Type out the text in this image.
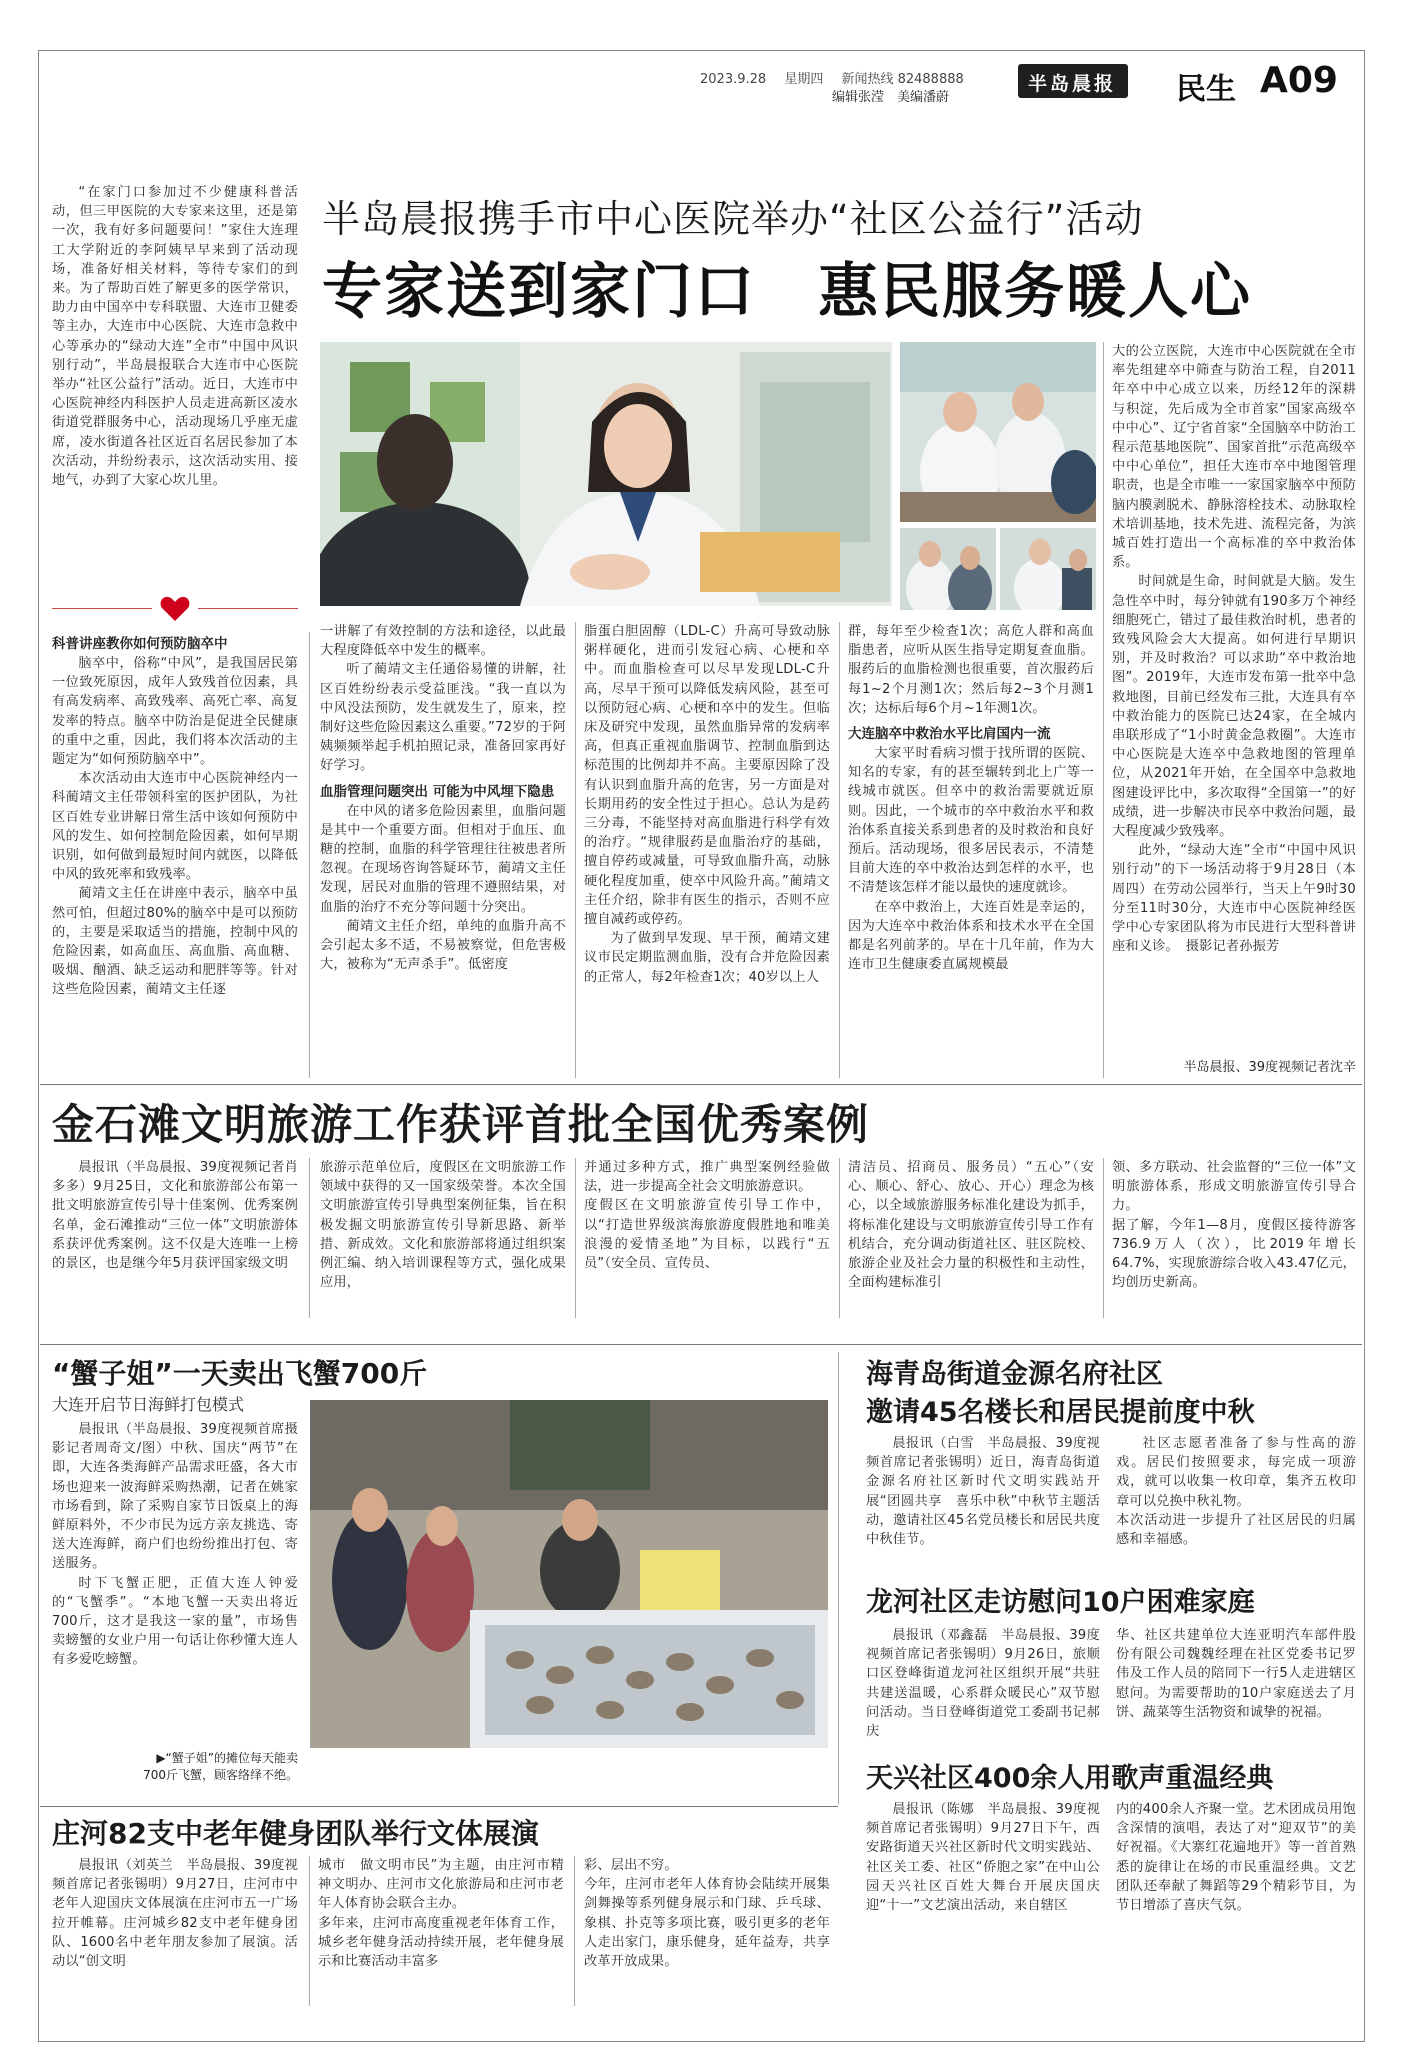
2023.9.28 星期四 新闻热线 82488888
编辑张滢　美编潘蔚
半岛晨报 民生 A09

“在家门口参加过不少健康科普活动，但三甲医院的大专家来这里，还是第一次，我有好多问题要问！”家住大连理工大学附近的李阿姨早早来到了活动现场，准备好相关材料，等待专家们的到来。为了帮助百姓了解更多的医学常识，助力由中国卒中专科联盟、大连市卫健委等主办，大连市中心医院、大连市急救中心等承办的“绿动大连”全市“中国中风识别行动”，半岛晨报联合大连市中心医院举办“社区公益行”活动。近日，大连市中心医院神经内科医护人员走进高新区凌水街道党群服务中心，活动现场几乎座无虚席，凌水街道各社区近百名居民参加了本次活动，并纷纷表示，这次活动实用、接地气，办到了大家心坎儿里。

半岛晨报携手市中心医院举办“社区公益行”活动
专家送到家门口　惠民服务暖人心
科普讲座教你如何预防脑卒中

脑卒中，俗称“中风”，是我国居民第一位致死原因，成年人致残首位因素，具有高发病率、高致残率、高死亡率、高复发率的特点。脑卒中防治是促进全民健康的重中之重，因此，我们将本次活动的主题定为“如何预防脑卒中”。

本次活动由大连市中心医院神经内一科蔺靖文主任带领科室的医护团队，为社区百姓专业讲解日常生活中该如何预防中风的发生、如何控制危险因素，如何早期识别，如何做到最短时间内就医，以降低中风的致死率和致残率。

蔺靖文主任在讲座中表示，脑卒中虽然可怕，但超过80%的脑卒中是可以预防的，主要是采取适当的措施，控制中风的危险因素，如高血压、高血脂、高血糖、吸烟、酗酒、缺乏运动和肥胖等等。针对这些危险因素，蔺靖文主任逐

一讲解了有效控制的方法和途径，以此最大程度降低卒中发生的概率。

听了蔺靖文主任通俗易懂的讲解，社区百姓纷纷表示受益匪浅。“我一直以为中风没法预防，发生就发生了，原来，控制好这些危险因素这么重要。”72岁的于阿姨频频举起手机拍照记录，准备回家再好好学习。

血脂管理问题突出 可能为中风埋下隐患

在中风的诸多危险因素里，血脂问题是其中一个重要方面。但相对于血压、血糖的控制，血脂的科学管理往往被患者所忽视。在现场咨询答疑环节，蔺靖文主任发现，居民对血脂的管理不遵照结果，对血脂的治疗不充分等问题十分突出。

蔺靖文主任介绍，单纯的血脂升高不会引起太多不适，不易被察觉，但危害极大，被称为“无声杀手”。低密度

脂蛋白胆固醇（LDL-C）升高可导致动脉粥样硬化，进而引发冠心病、心梗和卒中。而血脂检查可以尽早发现LDL-C升高，尽早干预可以降低发病风险，甚至可以预防冠心病、心梗和卒中的发生。但临床及研究中发现，虽然血脂异常的发病率高，但真正重视血脂调节、控制血脂到达标范围的比例却并不高。主要原因除了没有认识到血脂升高的危害，另一方面是对长期用药的安全性过于担心。总认为是药三分毒，不能坚持对高血脂进行科学有效的治疗。“规律服药是血脂治疗的基础，擅自停药或减量，可导致血脂升高，动脉硬化程度加重，使卒中风险升高。”蔺靖文主任介绍，除非有医生的指示，否则不应擅自减药或停药。

为了做到早发现、早干预，蔺靖文建议市民定期监测血脂，没有合并危险因素的正常人，每2年检查1次；40岁以上人

群，每年至少检查1次；高危人群和高血脂患者，应听从医生指导定期复查血脂。服药后的血脂检测也很重要，首次服药后每1~2个月测1次；然后每2~3个月测1次；达标后每6个月~1年测1次。

大连脑卒中救治水平比肩国内一流

大家平时看病习惯于找所谓的医院、知名的专家，有的甚至辗转到北上广等一线城市就医。但卒中的救治需要就近原则。因此，一个城市的卒中救治水平和救治体系直接关系到患者的及时救治和良好预后。活动现场，很多居民表示，不清楚目前大连的卒中救治达到怎样的水平，也不清楚该怎样才能以最快的速度就诊。

在卒中救治上，大连百姓是幸运的，因为大连卒中救治体系和技术水平在全国都是名列前茅的。早在十几年前，作为大连市卫生健康委直属规模最

大的公立医院，大连市中心医院就在全市率先组建卒中筛查与防治工程，自2011年卒中中心成立以来，历经12年的深耕与积淀，先后成为全市首家“国家高级卒中中心”、辽宁省首家“全国脑卒中防治工程示范基地医院”、国家首批“示范高级卒中中心单位”，担任大连市卒中地图管理职责，也是全市唯一一家国家脑卒中预防脑内膜剥脱术、静脉溶栓技术、动脉取栓术培训基地，技术先进、流程完备，为滨城百姓打造出一个高标准的卒中救治体系。

时间就是生命，时间就是大脑。发生急性卒中时，每分钟就有190多万个神经细胞死亡，错过了最佳救治时机，患者的致残风险会大大提高。如何进行早期识别，并及时救治？可以求助“卒中救治地图”。2019年，大连市发布第一批卒中急救地图，目前已经发布三批，大连具有卒中救治能力的医院已达24家，在全城内串联形成了“1小时黄金急救圈”。大连市中心医院是大连卒中急救地图的管理单位，从2021年开始，在全国卒中急救地图建设评比中，多次取得“全国第一”的好成绩，进一步解决市民卒中救治问题，最大程度减少致残率。

此外，“绿动大连”全市“中国中风识别行动”的下一场活动将于9月28日（本周四）在劳动公园举行，当天上午9时30分至11时30分，大连市中心医院神经医学中心专家团队将为市民进行大型科普讲座和义诊。　摄影记者孙振芳

半岛晨报、39度视频记者沈辛
金石滩文明旅游工作获评首批全国优秀案例

晨报讯（半岛晨报、39度视频记者肖多多）9月25日，文化和旅游部公布第一批文明旅游宣传引导十佳案例、优秀案例名单，金石滩推动“三位一体”文明旅游体系获评优秀案例。这不仅是大连唯一上榜的景区，也是继今年5月获评国家级文明

旅游示范单位后，度假区在文明旅游工作领域中获得的又一国家级荣誉。本次全国文明旅游宣传引导典型案例征集，旨在积极发掘文明旅游宣传引导新思路、新举措、新成效。文化和旅游部将通过组织案例汇编、纳入培训课程等方式，强化成果应用，

并通过多种方式，推广典型案例经验做法，进一步提高全社会文明旅游意识。
度假区在文明旅游宣传引导工作中，以“打造世界级滨海旅游度假胜地和唯美浪漫的爱情圣地”为目标，以践行“五员”（安全员、宣传员、

清洁员、招商员、服务员）“五心”（安心、顺心、舒心、放心、开心）理念为核心，以全域旅游服务标准化建设为抓手，将标准化建设与文明旅游宣传引导工作有机结合，充分调动街道社区、驻区院校、旅游企业及社会力量的积极性和主动性，全面构建标准引

领、多方联动、社会监督的“三位一体”文明旅游体系，形成文明旅游宣传引导合力。
据了解，今年1—8月，度假区接待游客736.9万人（次），比2019年增长64.7%，实现旅游综合收入43.47亿元，均创历史新高。

“蟹子姐”一天卖出飞蟹700斤
大连开启节日海鲜打包模式

晨报讯（半岛晨报、39度视频首席摄影记者周奇文/图）中秋、国庆“两节”在即，大连各类海鲜产品需求旺盛，各大市场也迎来一波海鲜采购热潮，记者在姚家市场看到，除了采购自家节日饭桌上的海鲜原料外，不少市民为远方亲友挑选、寄送大连海鲜，商户们也纷纷推出打包、寄送服务。

时下飞蟹正肥，正值大连人钟爱的“飞蟹季”。“本地飞蟹一天卖出将近700斤，这才是我这一家的量”，市场售卖螃蟹的女业户用一句话让你秒懂大连人有多爱吃螃蟹。

▶“蟹子姐”的摊位每天能卖700斤飞蟹，顾客络绎不绝。
海青岛街道金源名府社区
邀请45名楼长和居民提前度中秋

晨报讯（白雪　半岛晨报、39度视频首席记者张锡明）近日，海青岛街道金源名府社区新时代文明实践站开展“团圆共享　喜乐中秋”中秋节主题活动，邀请社区45名党员楼长和居民共度中秋佳节。

社区志愿者准备了参与性高的游戏。居民们按照要求，每完成一项游戏，就可以收集一枚印章，集齐五枚印章可以兑换中秋礼物。
本次活动进一步提升了社区居民的归属感和幸福感。

龙河社区走访慰问10户困难家庭

晨报讯（邓鑫磊　半岛晨报、39度视频首席记者张锡明）9月26日，旅顺口区登峰街道龙河社区组织开展“共驻共建送温暖，心系群众暖民心”双节慰问活动。当日登峰街道党工委副书记郝庆

华、社区共建单位大连亚明汽车部件股份有限公司魏魏经理在社区党委书记罗伟及工作人员的陪同下一行5人走进辖区慰问。为需要帮助的10户家庭送去了月饼、蔬菜等生活物资和诚挚的祝福。

天兴社区400余人用歌声重温经典

晨报讯（陈娜　半岛晨报、39度视频首席记者张锡明）9月27日下午，西安路街道天兴社区新时代文明实践站、社区关工委、社区“侨胞之家”在中山公园天兴社区百姓大舞台开展庆国庆迎“十一”文艺演出活动，来自辖区

内的400余人齐聚一堂。艺术团成员用饱含深情的演唱，表达了对“迎双节”的美好祝福。《大寨红花遍地开》等一首首熟悉的旋律让在场的市民重温经典。文艺团队还奉献了舞蹈等29个精彩节目，为节日增添了喜庆气氛。

庄河82支中老年健身团队举行文体展演

晨报讯（刘英兰　半岛晨报、39度视频首席记者张锡明）9月27日，庄河市中老年人迎国庆文体展演在庄河市五一广场拉开帷幕。庄河城乡82支中老年健身团队、1600名中老年朋友参加了展演。活动以“创文明

城市　做文明市民”为主题，由庄河市精神文明办、庄河市文化旅游局和庄河市老年人体育协会联合主办。
多年来，庄河市高度重视老年体育工作，城乡老年健身活动持续开展，老年健身展示和比赛活动丰富多

彩、层出不穷。
今年，庄河市老年人体育协会陆续开展集剑舞操等系列健身展示和门球、乒乓球、象棋、扑克等多项比赛，吸引更多的老年人走出家门，康乐健身，延年益寿，共享改革开放成果。
